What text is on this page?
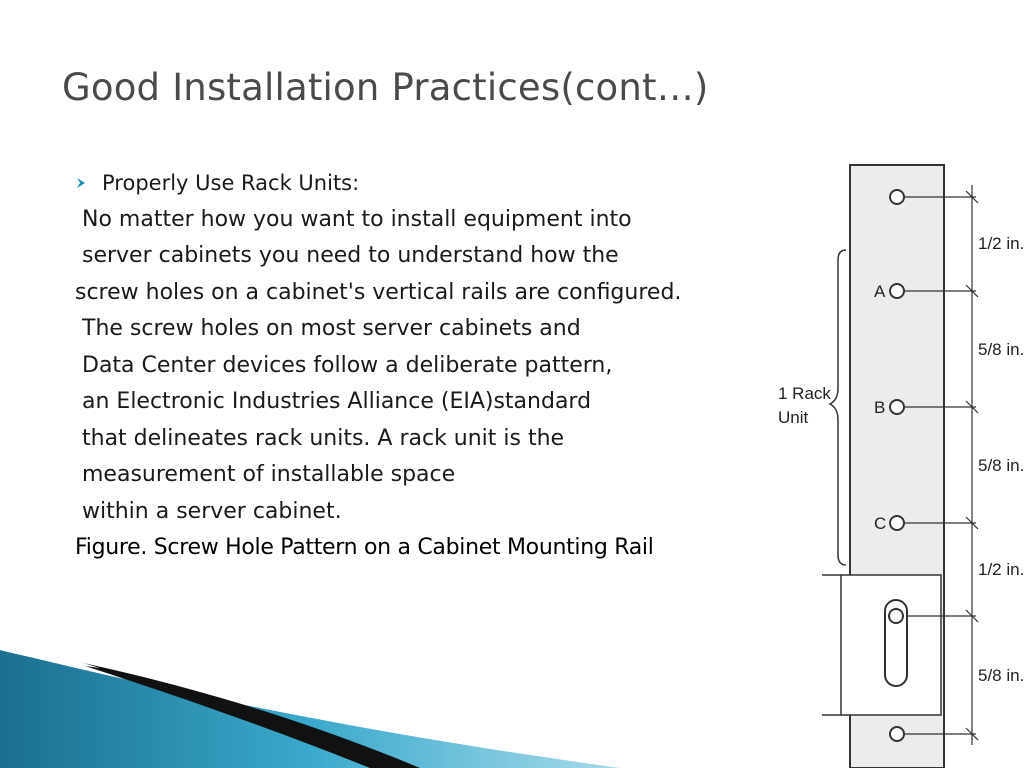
Good Installation Practices(cont…)
Properly Use Rack Units:
No matter how you want to install equipment into
server cabinets you need to understand how the
screw holes on a cabinet's vertical rails are configured.
The screw holes on most server cabinets and
Data Center devices follow a deliberate pattern,
an Electronic Industries Alliance (EIA)standard
that delineates rack units. A rack unit is the
measurement of installable space
within a server cabinet.
Figure. Screw Hole Pattern on a Cabinet Mounting Rail
A
B
C
1 Rack
Unit
1/2 in.
5/8 in.
5/8 in.
1/2 in.
5/8 in.
